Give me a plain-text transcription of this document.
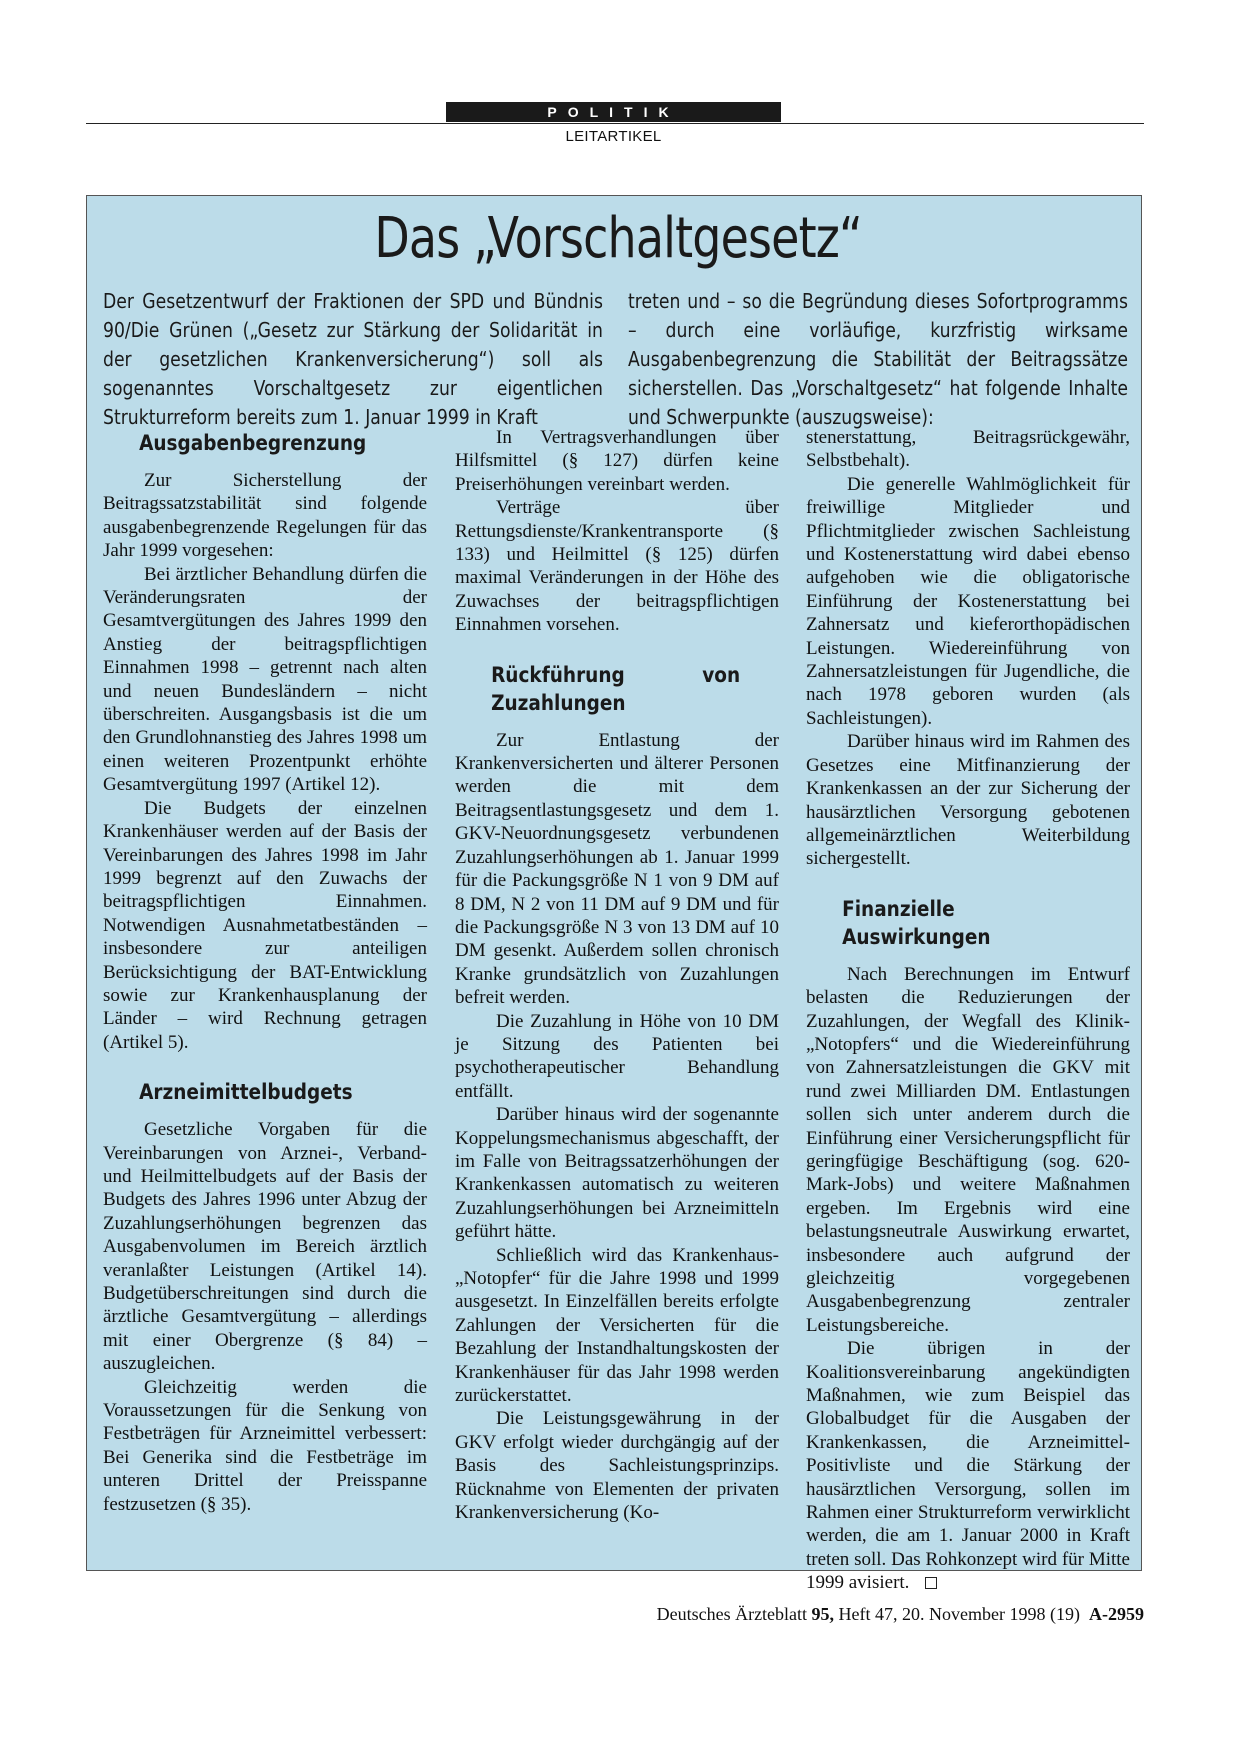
POLITIK
LEITARTIKEL
Das „Vorschaltgesetz“

Der Gesetzentwurf der Fraktionen der SPD und Bündnis 90/Die Grünen („Gesetz zur Stärkung der Solidarität in der gesetzlichen Krankenversicherung“) soll als sogenanntes Vorschaltgesetz zur eigentlichen Strukturreform bereits zum 1. Januar 1999 in Kraft

treten und – so die Begründung dieses Sofortprogramms – durch eine vorläufige, kurzfristig wirksame Ausgabenbegrenzung die Stabilität der Beitragssätze sicherstellen. Das „Vorschaltgesetz“ hat folgende Inhalte und Schwerpunkte (auszugsweise):

Ausgabenbegrenzung

Zur Sicherstellung der Beitragssatzstabilität sind folgende ausgabenbegrenzende Regelungen für das Jahr 1999 vorgesehen:

Bei ärztlicher Behandlung dürfen die Veränderungsraten der Gesamtvergütungen des Jahres 1999 den Anstieg der beitragspflichtigen Einnahmen 1998 – getrennt nach alten und neuen Bundesländern – nicht überschreiten. Ausgangsbasis ist die um den Grundlohnanstieg des Jahres 1998 um einen weiteren Prozentpunkt erhöhte Gesamtvergütung 1997 (Artikel 12).

Die Budgets der einzelnen Krankenhäuser werden auf der Basis der Vereinbarungen des Jahres 1998 im Jahr 1999 begrenzt auf den Zuwachs der beitragspflichtigen Einnahmen. Notwendigen Ausnahmetatbeständen – insbesondere zur anteiligen Berücksichtigung der BAT-Entwicklung sowie zur Krankenhausplanung der Länder – wird Rechnung getragen (Artikel 5).

Arzneimittelbudgets

Gesetzliche Vorgaben für die Vereinbarungen von Arznei-, Verband- und Heilmittelbudgets auf der Basis der Budgets des Jahres 1996 unter Abzug der Zuzahlungserhöhungen begrenzen das Ausgabenvolumen im Bereich ärztlich veranlaßter Leistungen (Artikel 14). Budgetüberschreitungen sind durch die ärztliche Gesamtvergütung – allerdings mit einer Obergrenze (§ 84) – auszugleichen.

Gleichzeitig werden die Voraussetzungen für die Senkung von Festbeträgen für Arzneimittel verbessert: Bei Generika sind die Festbeträge im unteren Drittel der Preisspanne festzusetzen (§ 35).

In Vertragsverhandlungen über Hilfsmittel (§ 127) dürfen keine Preiserhöhungen vereinbart werden.

Verträge über Rettungsdienste/Krankentransporte (§ 133) und Heilmittel (§ 125) dürfen maximal Veränderungen in der Höhe des Zuwachses der beitragspflichtigen Einnahmen vorsehen.

Rückführung von Zuzahlungen

Zur Entlastung der Krankenversicherten und älterer Personen werden die mit dem Beitragsentlastungsgesetz und dem 1. GKV-Neuordnungsgesetz verbundenen Zuzahlungserhöhungen ab 1. Januar 1999 für die Packungsgröße N 1 von 9 DM auf 8 DM, N 2 von 11 DM auf 9 DM und für die Packungsgröße N 3 von 13 DM auf 10 DM gesenkt. Außerdem sollen chronisch Kranke grundsätzlich von Zuzahlungen befreit werden.

Die Zuzahlung in Höhe von 10 DM je Sitzung des Patienten bei psychotherapeutischer Behandlung entfällt.

Darüber hinaus wird der sogenannte Koppelungsmechanismus abgeschafft, der im Falle von Beitragssatzerhöhungen der Krankenkassen automatisch zu weiteren Zuzahlungserhöhungen bei Arzneimitteln geführt hätte.

Schließlich wird das Krankenhaus-„Notopfer“ für die Jahre 1998 und 1999 ausgesetzt. In Einzelfällen bereits erfolgte Zahlungen der Versicherten für die Bezahlung der Instandhaltungskosten der Krankenhäuser für das Jahr 1998 werden zurückerstattet.

Die Leistungsgewährung in der GKV erfolgt wieder durchgängig auf der Basis des Sachleistungsprinzips. Rücknahme von Elementen der privaten Krankenversicherung (Ko-

stenerstattung, Beitragsrückgewähr, Selbstbehalt).

Die generelle Wahlmöglichkeit für freiwillige Mitglieder und Pflichtmitglieder zwischen Sachleistung und Kostenerstattung wird dabei ebenso aufgehoben wie die obligatorische Einführung der Kostenerstattung bei Zahnersatz und kieferorthopädischen Leistungen. Wiedereinführung von Zahnersatzleistungen für Jugendliche, die nach 1978 geboren wurden (als Sachleistungen).

Darüber hinaus wird im Rahmen des Gesetzes eine Mitfinanzierung der Krankenkassen an der zur Sicherung der hausärztlichen Versorgung gebotenen allgemeinärztlichen Weiterbildung sichergestellt.

Finanzielle Auswirkungen

Nach Berechnungen im Entwurf belasten die Reduzierungen der Zuzahlungen, der Wegfall des Klinik-„Notopfers“ und die Wiedereinführung von Zahnersatzleistungen die GKV mit rund zwei Milliarden DM. Entlastungen sollen sich unter anderem durch die Einführung einer Versicherungspflicht für geringfügige Beschäftigung (sog. 620-Mark-Jobs) und weitere Maßnahmen ergeben. Im Ergebnis wird eine belastungsneutrale Auswirkung erwartet, insbesondere auch aufgrund der gleichzeitig vorgegebenen Ausgabenbegrenzung zentraler Leistungsbereiche.

Die übrigen in der Koalitionsvereinbarung angekündigten Maßnahmen, wie zum Beispiel das Globalbudget für die Ausgaben der Krankenkassen, die Arzneimittel-Positivliste und die Stärkung der hausärztlichen Versorgung, sollen im Rahmen einer Strukturreform verwirklicht werden, die am 1. Januar 2000 in Kraft treten soll. Das Rohkonzept wird für Mitte 1999 avisiert.

Deutsches Ärzteblatt 95, Heft 47, 20. November 1998 (19) A-2959
